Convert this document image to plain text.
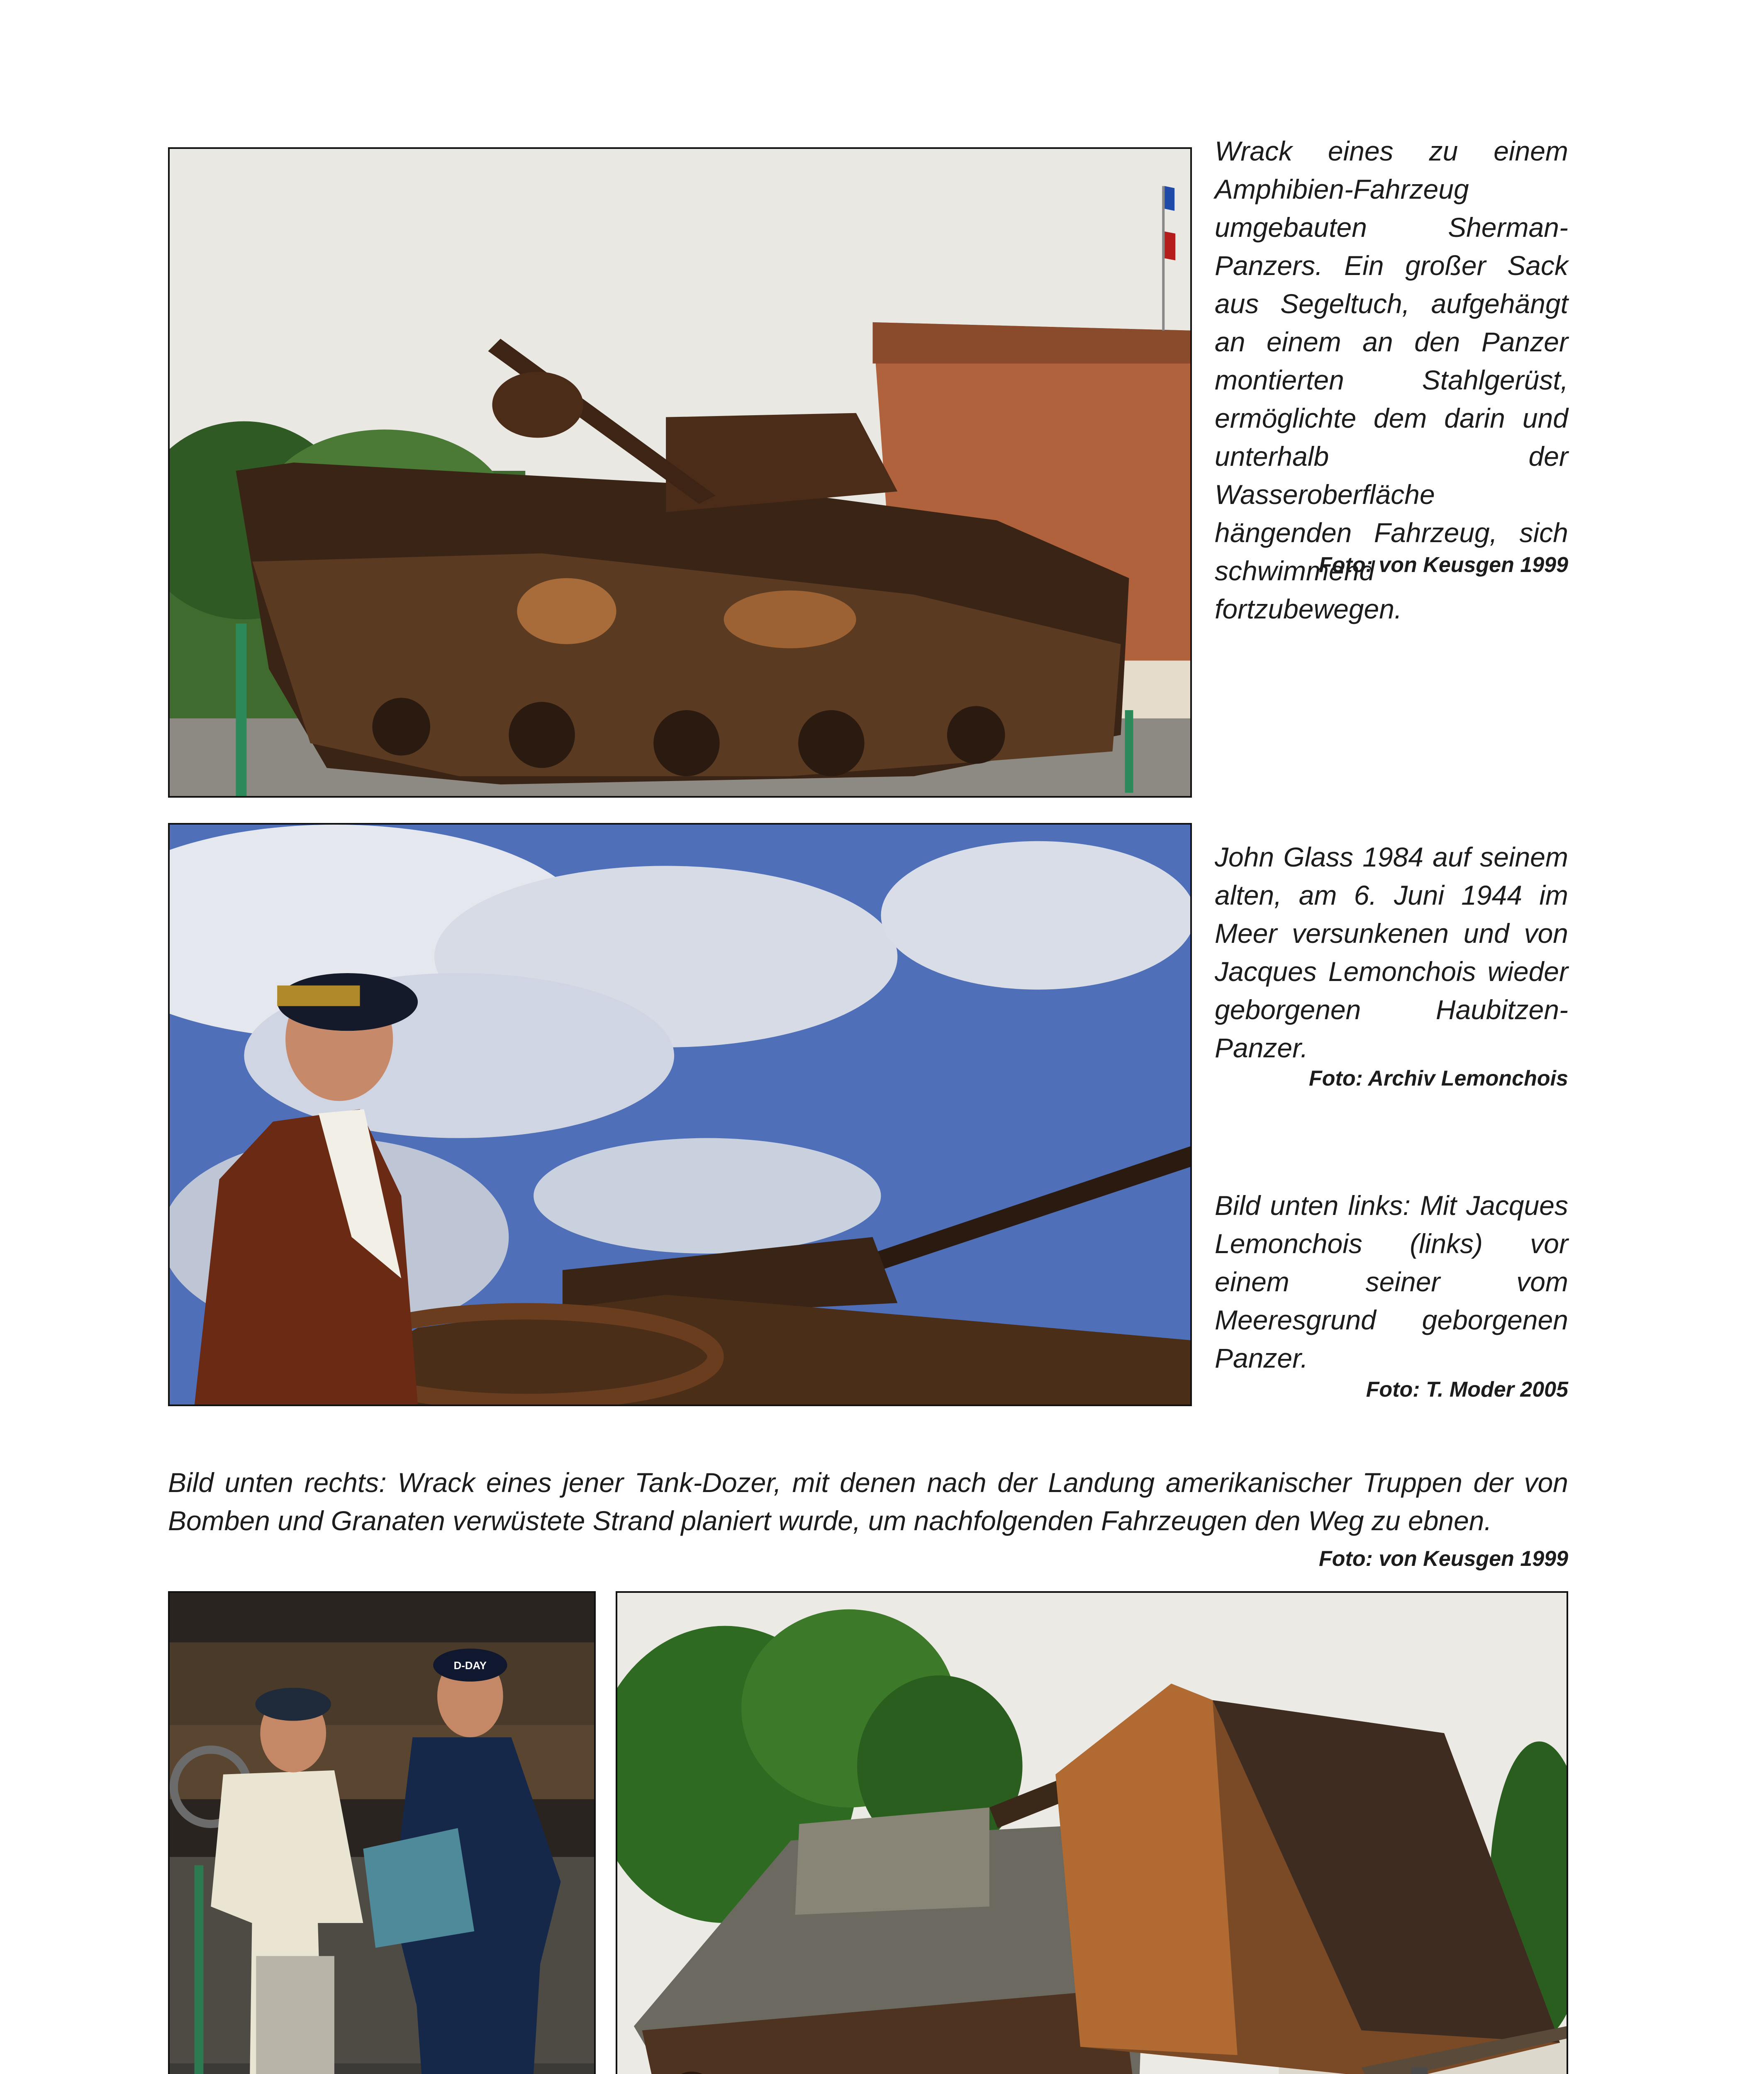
Wrack eines zu einem Amphibien-Fahrzeug umgebauten Sherman-Panzers. Ein großer Sack aus Segeltuch, aufgehängt an einem an den Panzer montierten Stahlgerüst, ermöglichte dem darin und unterhalb der Wasseroberfläche hängenden Fahrzeug, sich schwimmend fortzubewegen.
Foto: von Keusgen 1999
John Glass 1984 auf seinem alten, am 6. Juni 1944 im Meer versunkenen und von Jacques Lemonchois wieder geborgenen Haubitzen-Panzer.
Foto: Archiv Lemonchois
Bild unten links: Mit Jacques Lemonchois (links) vor einem seiner vom Meeresgrund geborgenen Panzer.
Foto: T. Moder 2005
Bild unten rechts: Wrack eines jener Tank-Dozer, mit denen nach der Landung amerikanischer Truppen der von Bomben und Granaten verwüstete Strand planiert wurde, um nachfolgenden Fahrzeugen den Weg zu ebnen.
Foto: von Keusgen 1999
D-DAY
